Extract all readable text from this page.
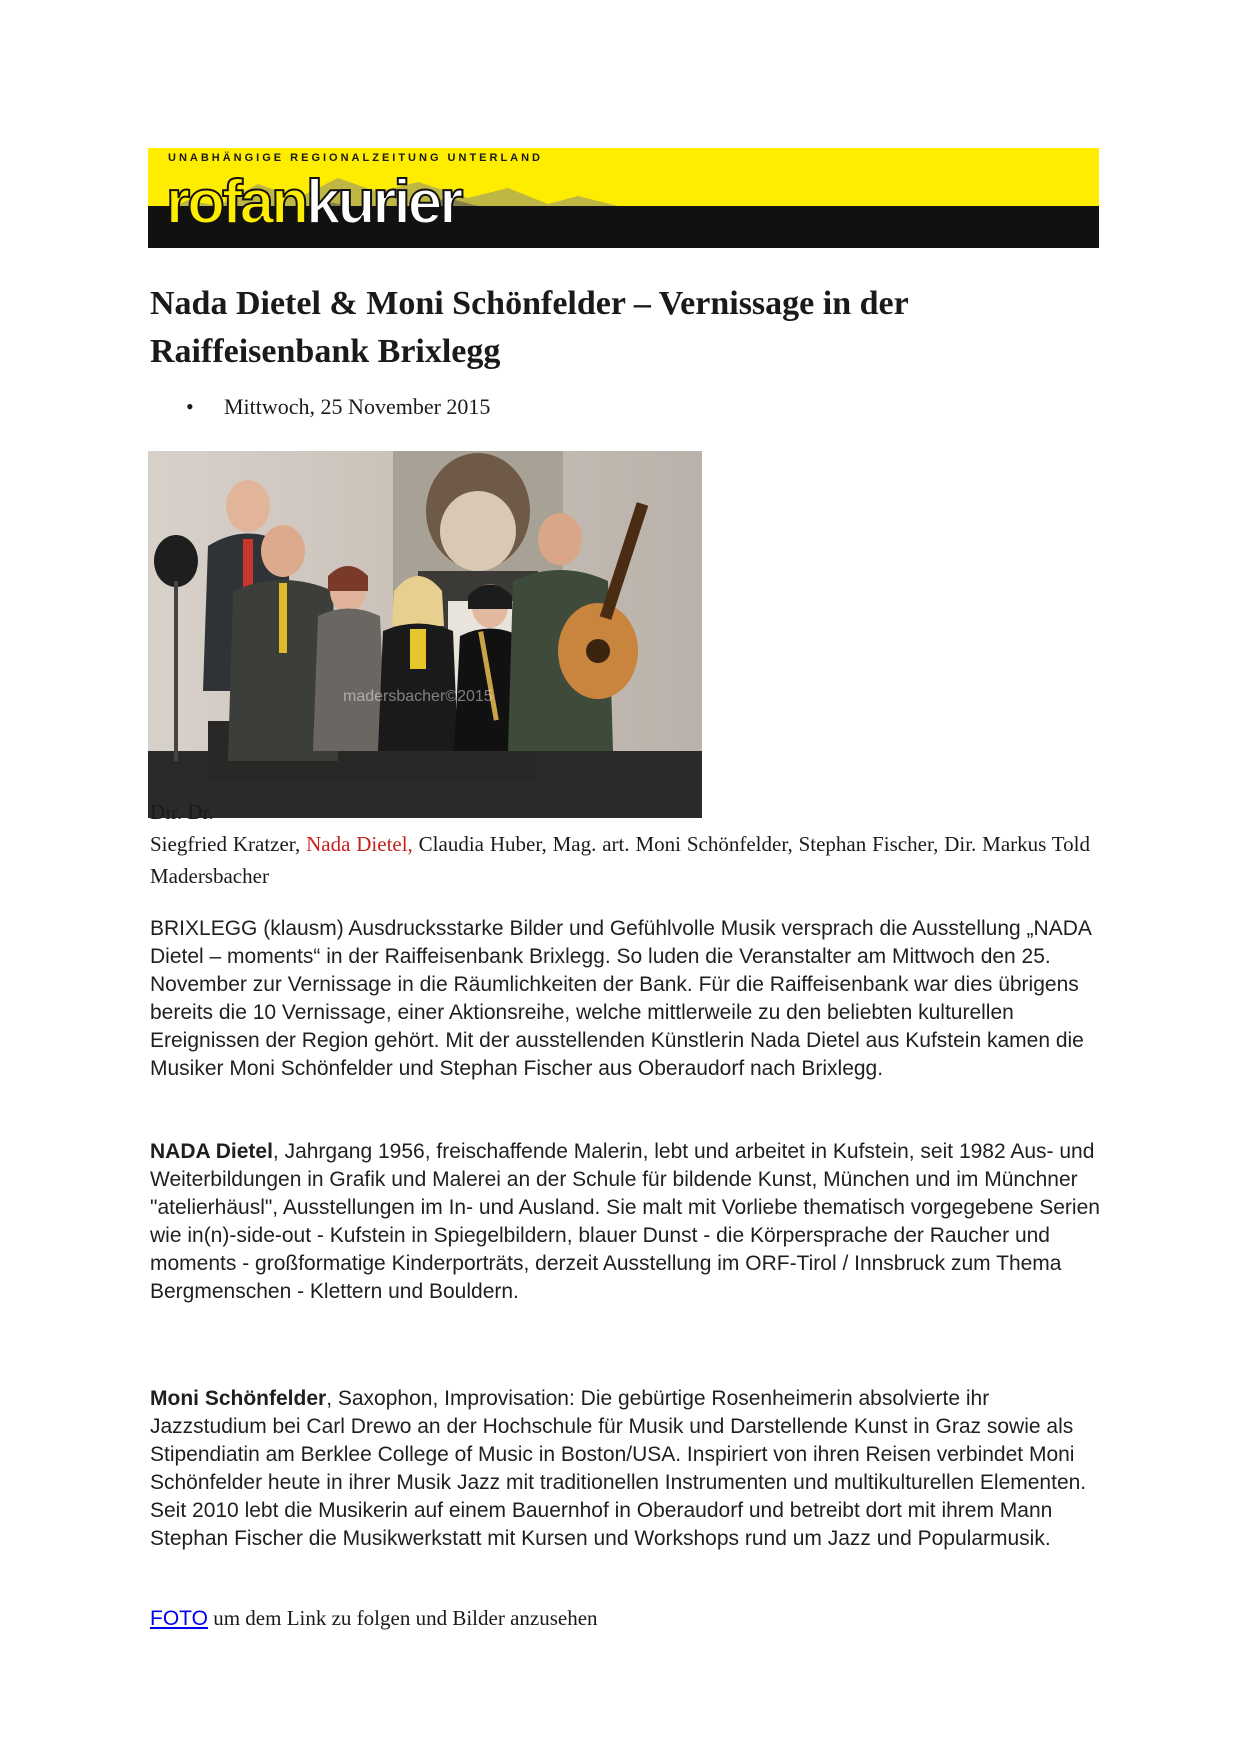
UNABHÄNGIGE REGIONALZEITUNG UNTERLAND
rofankurier
Nada Dietel & Moni Schönfelder – Vernissage in der Raiffeisenbank Brixlegg
• Mittwoch, 25 November 2015
madersbacher©2015

Dir. Dr.
Siegfried Kratzer, Nada Dietel, Claudia Huber, Mag. art. Moni Schönfelder, Stephan Fischer, Dir. Markus Told Madersbacher

BRIXLEGG (klausm) Ausdrucksstarke Bilder und Gefühlvolle Musik versprach die Ausstellung „NADA Dietel – moments“ in der Raiffeisenbank Brixlegg. So luden die Veranstalter am Mittwoch den 25. November zur Vernissage in die Räumlichkeiten der Bank. Für die Raiffeisenbank war dies übrigens bereits die 10 Vernissage, einer Aktionsreihe, welche mittlerweile zu den beliebten kulturellen Ereignissen der Region gehört. Mit der ausstellenden Künstlerin Nada Dietel aus Kufstein kamen die Musiker Moni Schönfelder und Stephan Fischer aus Oberaudorf nach Brixlegg.

NADA Dietel, Jahrgang 1956, freischaffende Malerin, lebt und arbeitet in Kufstein, seit 1982 Aus- und Weiterbildungen in Grafik und Malerei an der Schule für bildende Kunst, München und im Münchner "atelierhäusl", Ausstellungen im In- und Ausland. Sie malt mit Vorliebe thematisch vorgegebene Serien wie in(n)-side-out - Kufstein in Spiegelbildern, blauer Dunst - die Körpersprache der Raucher und moments - großformatige Kinderporträts, derzeit Ausstellung im ORF-Tirol / Innsbruck zum Thema Bergmenschen - Klettern und Bouldern.

Moni Schönfelder, Saxophon, Improvisation: Die gebürtige Rosenheimerin absolvierte ihr Jazzstudium bei Carl Drewo an der Hochschule für Musik und Darstellende Kunst in Graz sowie als Stipendiatin am Berklee College of Music in Boston/USA. Inspiriert von ihren Reisen verbindet Moni Schönfelder heute in ihrer Musik Jazz mit traditionellen Instrumenten und multikulturellen Elementen. Seit 2010 lebt die Musikerin auf einem Bauernhof in Oberaudorf und betreibt dort mit ihrem Mann Stephan Fischer die Musikwerkstatt mit Kursen und Workshops rund um Jazz und Popularmusik.

FOTO um dem Link zu folgen und Bilder anzusehen
